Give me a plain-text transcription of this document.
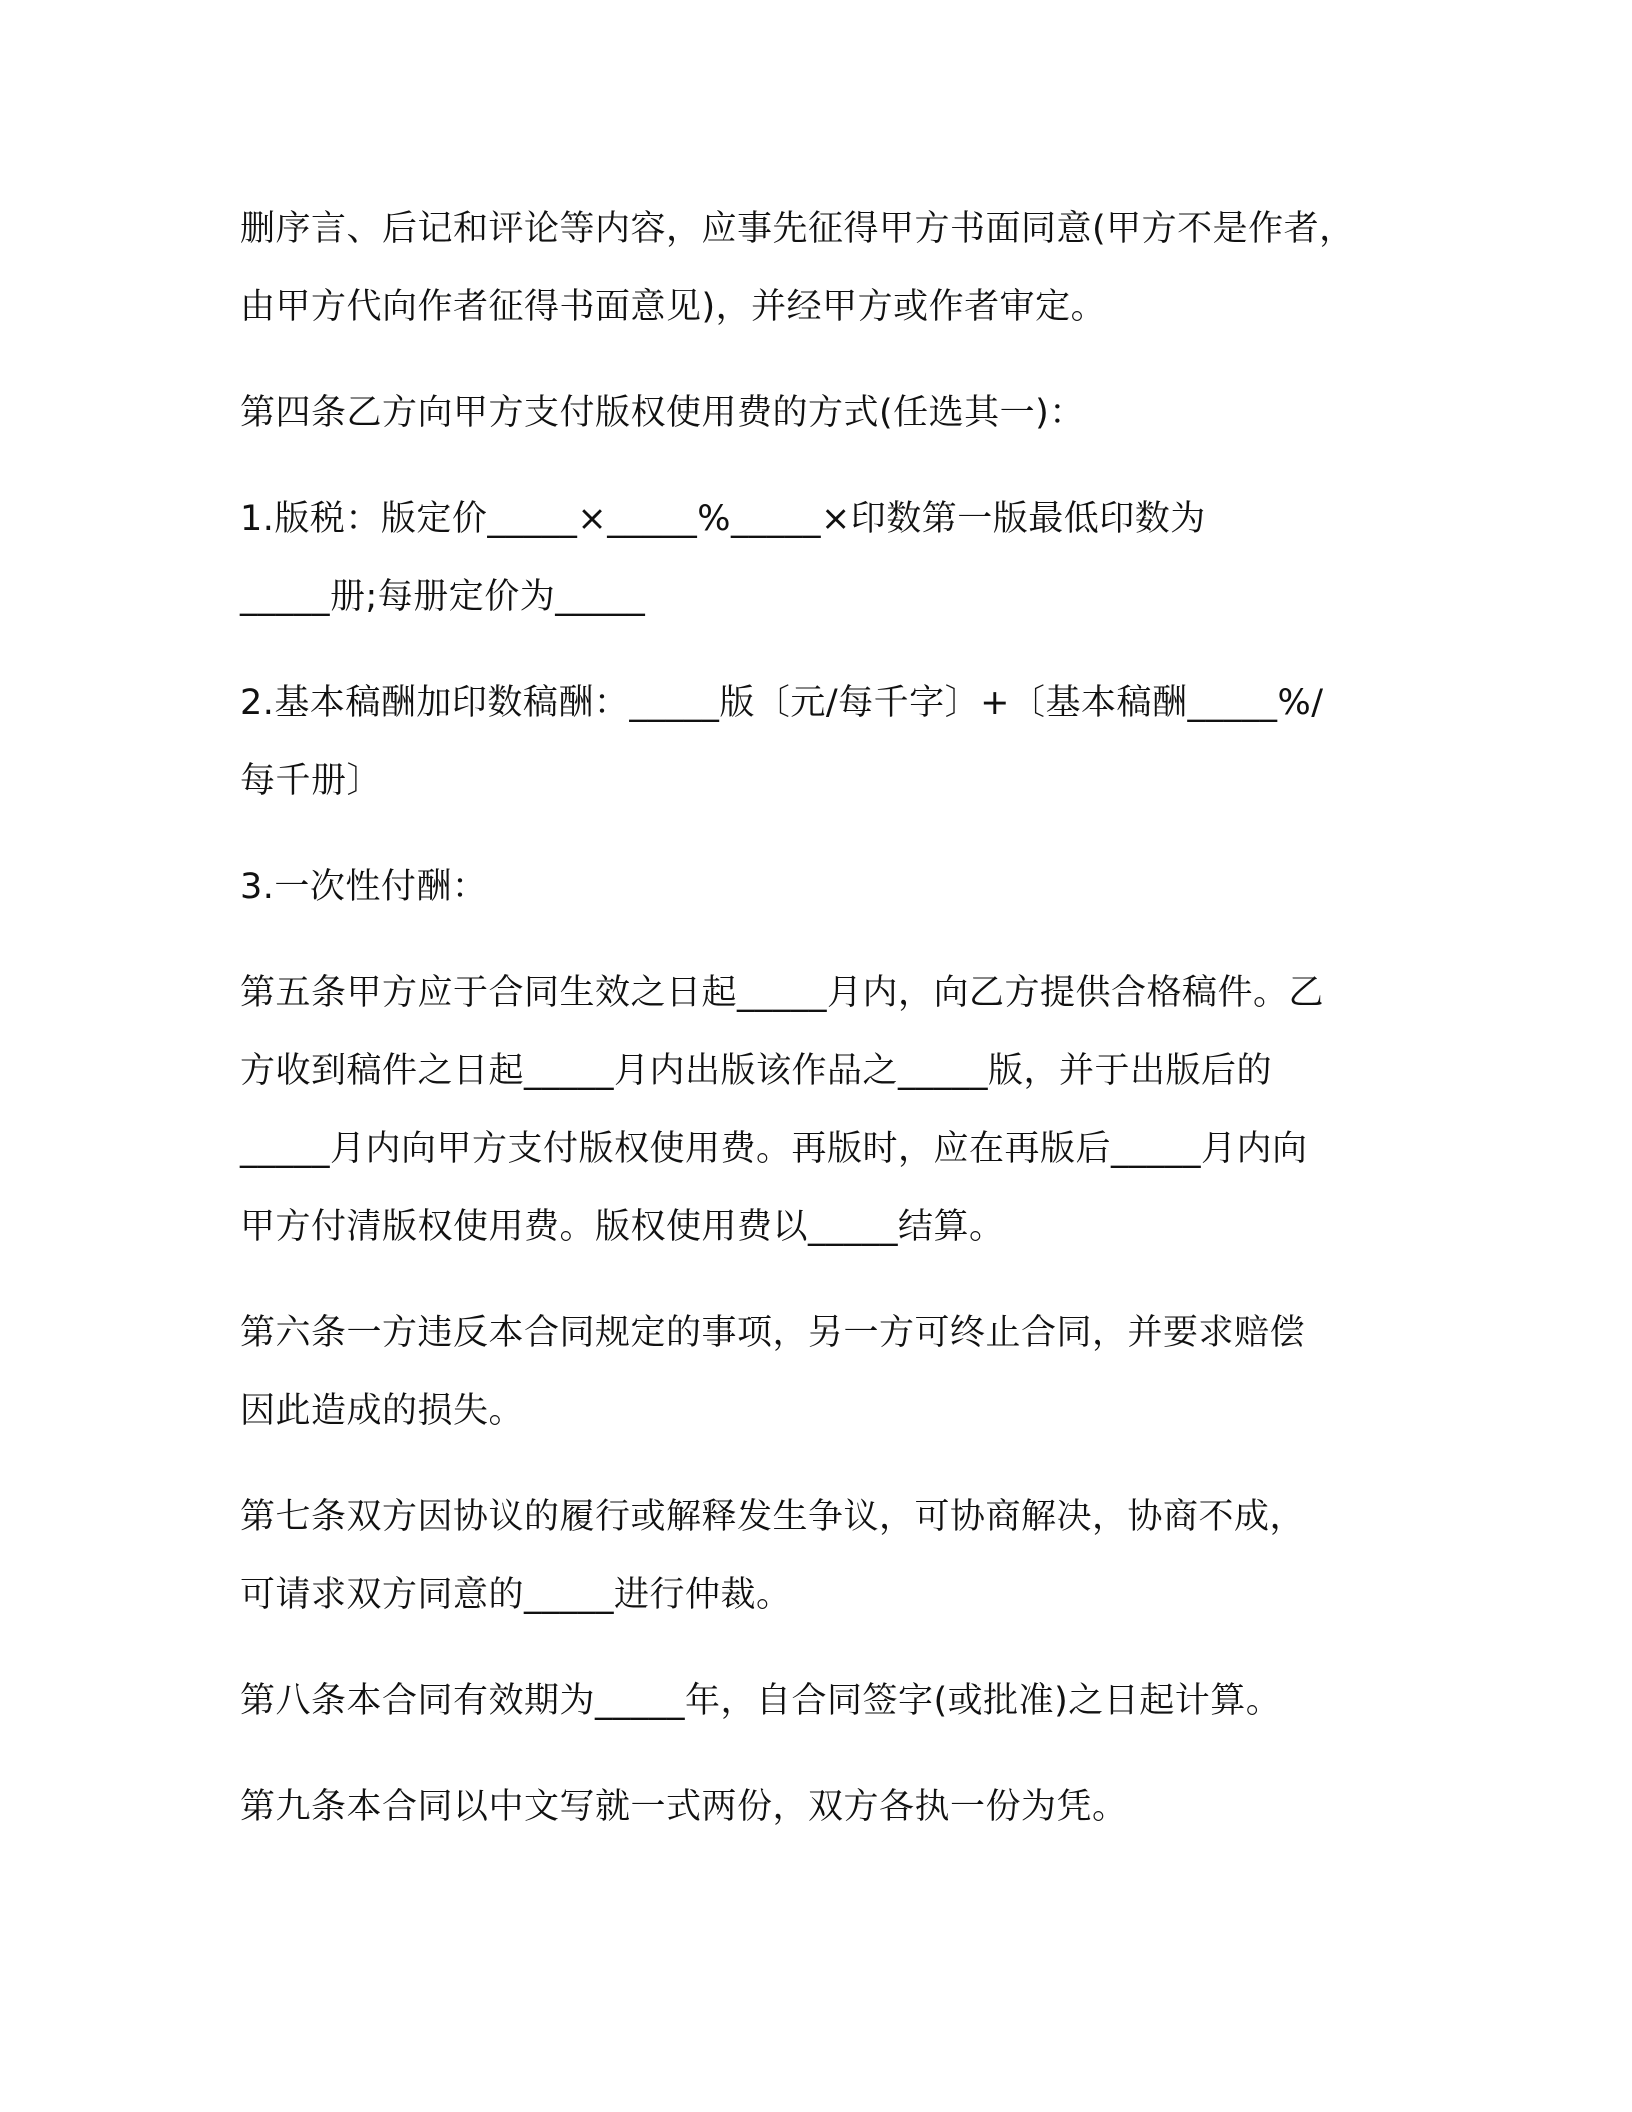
删序言、后记和评论等内容，应事先征得甲方书面同意(甲方不是作者，
由甲方代向作者征得书面意见)，并经甲方或作者审定。

第四条乙方向甲方支付版权使用费的方式(任选其一)：

1.版税：版定价_____×_____%_____×印数第一版最低印数为
_____册;每册定价为_____

2.基本稿酬加印数稿酬：_____版〔元/每千字〕+〔基本稿酬_____%/
每千册〕

3.一次性付酬：

第五条甲方应于合同生效之日起_____月内，向乙方提供合格稿件。乙
方收到稿件之日起_____月内出版该作品之_____版，并于出版后的
_____月内向甲方支付版权使用费。再版时，应在再版后_____月内向
甲方付清版权使用费。版权使用费以_____结算。

第六条一方违反本合同规定的事项，另一方可终止合同，并要求赔偿
因此造成的损失。

第七条双方因协议的履行或解释发生争议，可协商解决，协商不成，
可请求双方同意的_____进行仲裁。

第八条本合同有效期为_____年，自合同签字(或批准)之日起计算。

第九条本合同以中文写就一式两份，双方各执一份为凭。
